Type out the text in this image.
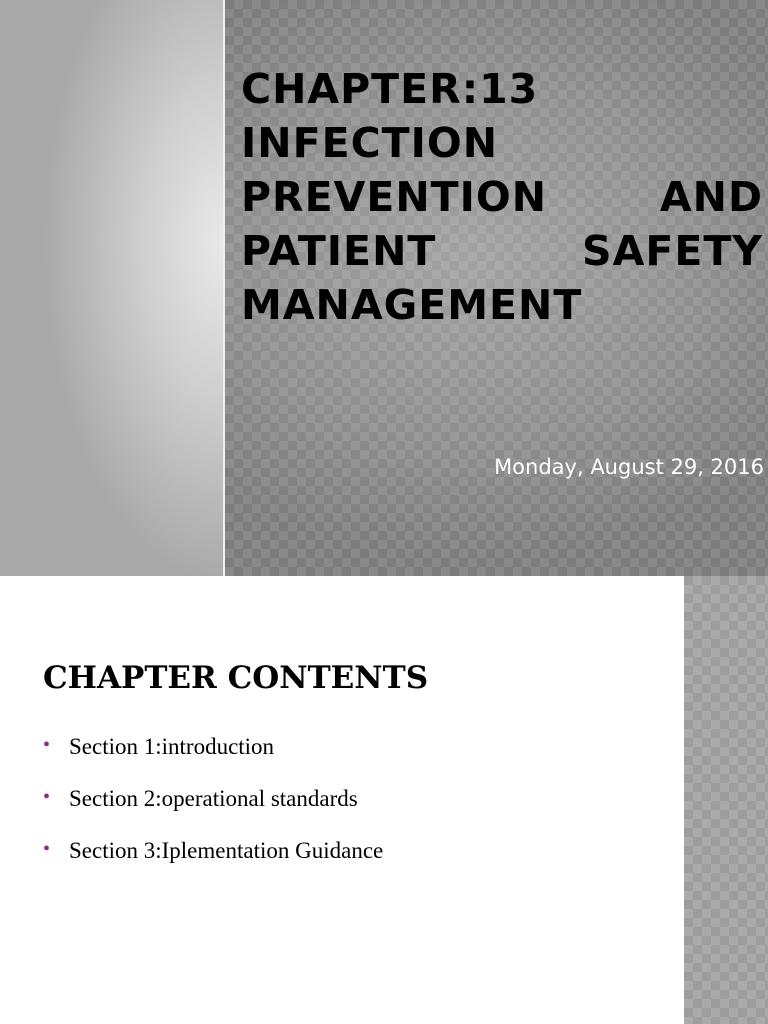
CHAPTER:13 INFECTION PREVENTION AND PATIENT SAFETY MANAGEMENT
Monday, August 29, 2016
CHAPTER CONTENTS
• Section 1:introduction
• Section 2:operational standards
• Section 3:Iplementation Guidance
